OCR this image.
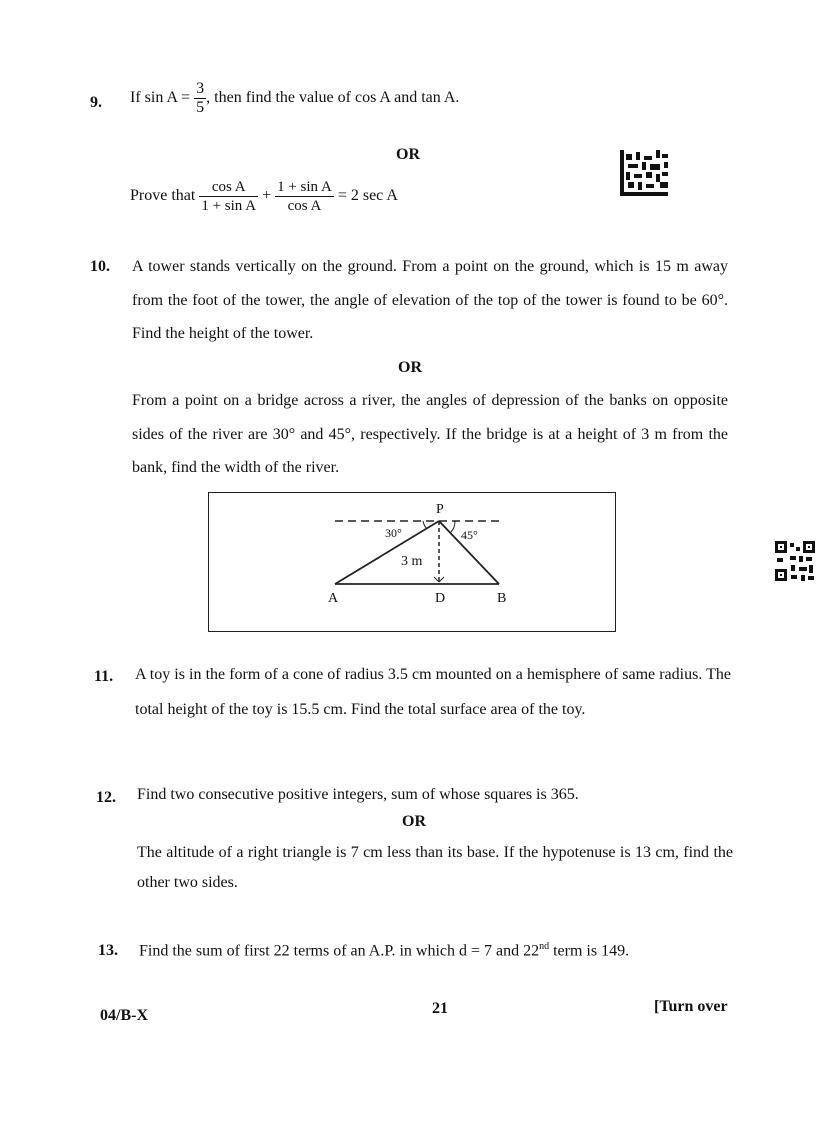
9. If $\sin A = \frac{3}{5}$ , then find the value of cos A and tan A.
OR
Prove that $\frac{\text{cos A}}{\text{1 + sin A}} + \frac{\text{1 + sin A}}{\text{cos A}} = 2$ sec A
10. A tower stands vertically on the ground. From a point on the ground, which is 15 m away from the foot of the tower, the angle of elevation of the top of the tower is found to be 60°. Find the height of the tower.
OR
From a point on a bridge across a river, the angles of depression of the banks on opposite sides of the river are 30° and 45°, respectively. If the bridge is at a height of 3 m from the bank, find the width of the river.
P
A	D	B
30°	45°
3 m
11. A toy is in the form of a cone of radius 3.5 cm mounted on a hemisphere of same radius. The total height of the toy is 15.5 cm. Find the total surface area of the toy.
12. Find two consecutive positive integers, sum of whose squares is 365.
OR
The altitude of a right triangle is 7 cm less than its base. If the hypotenuse is 13 cm, find the other two sides.
13. Find the sum of first 22 terms of an A.P. in which d = 7 and 22nd term is 149.
04/B-X	21	[Turn over
